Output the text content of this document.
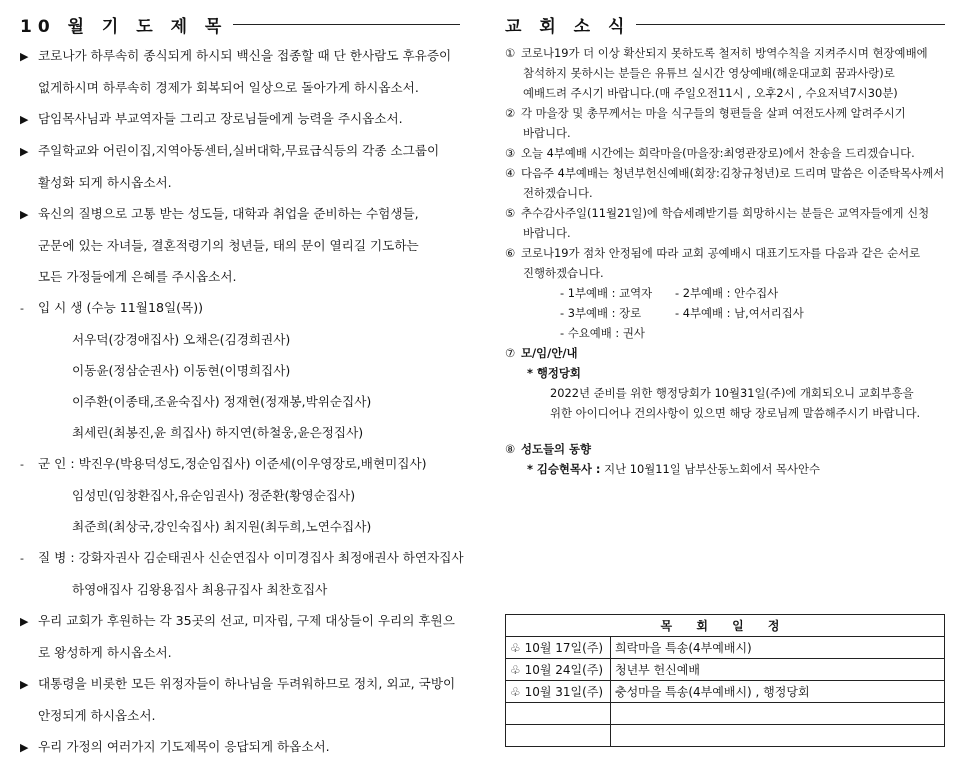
10 월 기 도 제 목
▶ 코로나가 하루속히 종식되게 하시되 백신을 접종할 때 단 한사람도 후유증이
없게하시며 하루속히 경제가 회복되어 일상으로 돌아가게 하시옵소서.
▶ 담임목사님과 부교역자들 그리고 장로님들에게 능력을 주시옵소서.
▶ 주일학교와 어린이집,지역아동센터,실버대학,무료급식등의 각종 소그룹이
활성화 되게 하시옵소서.
▶ 육신의 질병으로 고통 받는 성도들, 대학과 취업을 준비하는 수험생들,
군문에 있는 자녀들, 결혼적령기의 청년들, 태의 문이 열리길 기도하는
모든 가정들에게 은혜를 주시옵소서.
- 입 시 생 (수능 11월18일(목))
서우덕(강경애집사) 오채은(김경희권사)
이동윤(정삼순권사) 이동현(이명희집사)
이주환(이종태,조윤숙집사) 정재현(정재봉,박위순집사)
최세린(최봉진,윤 희집사) 하지연(하철웅,윤은정집사)
- 군 인 : 박진우(박용덕성도,정순임집사) 이준세(이우영장로,배현미집사)
임성민(임창환집사,유순임권사) 정준환(황영순집사)
최준희(최상국,강인숙집사) 최지원(최두희,노연수집사)
- 질 병 : 강화자권사 김순태권사 신순연집사 이미경집사 최정애권사 하연자집사
하영애집사 김왕용집사 최용규집사 최찬호집사
▶ 우리 교회가 후원하는 각 35곳의 선교, 미자립, 구제 대상들이 우리의 후원으
로 왕성하게 하시옵소서.
▶ 대통령을 비롯한 모든 위정자들이 하나님을 두려워하므로 정치, 외교, 국방이
안정되게 하시옵소서.
▶ 우리 가정의 여러가지 기도제목이 응답되게 하옵소서.
교 회 소 식
① 코로나19가 더 이상 확산되지 못하도록 철저히 방역수칙을 지켜주시며 현장예배에
참석하지 못하시는 분들은 유튜브 실시간 영상예배(해운대교회 꿈과사랑)로
예배드려 주시기 바랍니다.(매 주일오전11시 , 오후2시 , 수요저녁7시30분)
② 각 마을장 및 총무께서는 마을 식구들의 형편들을 살펴 여전도사께 알려주시기
바랍니다.
③ 오늘 4부예배 시간에는 희락마을(마을장:최영관장로)에서 찬송을 드리겠습니다.
④ 다음주 4부예배는 청년부헌신예배(회장:김창규청년)로 드리며 말씀은 이준탁목사께서
전하겠습니다.
⑤ 추수감사주일(11월21일)에 학습세례받기를 희망하시는 분들은 교역자들에게 신청
바랍니다.
⑥ 코로나19가 점차 안정됨에 따라 교회 공예배시 대표기도자를 다음과 같은 순서로
진행하겠습니다.
- 1부예배 : 교역자 - 2부예배 : 안수집사
- 3부예배 : 장로	- 4부예배 : 남,여서리집사
- 수요예배 : 권사
⑦ 모/임/안/내
* 행정당회
2022년 준비를 위한 행정당회가 10월31일(주)에 개회되오니 교회부흥을
위한 아이디어나 건의사항이 있으면 해당 장로님께 말씀해주시기 바랍니다.
⑧ 성도들의 동향
* 김승현목사 : 지난 10월11일 남부산동노회에서 목사안수
목 회 일 정	
♧ 10월 17일(주)	희락마을 특송(4부예배시)
♧ 10월 24일(주)	청년부 헌신예배
♧ 10월 31일(주)	충성마을 특송(4부예배시) , 행정당회
